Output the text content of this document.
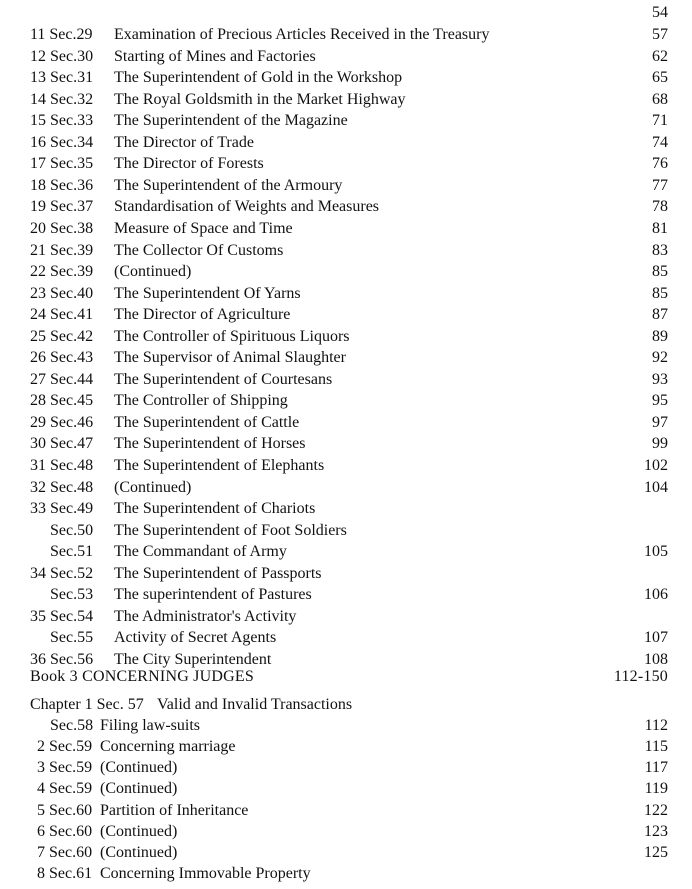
54
11 Sec.29 Examination of Precious Articles Received in the Treasury	57
12 Sec.30 Starting of Mines and Factories	62
13 Sec.31 The Superintendent of Gold in the Workshop	65
14 Sec.32 The Royal Goldsmith in the Market Highway	68
15 Sec.33 The Superintendent of the Magazine	71
16 Sec.34 The Director of Trade	74
17 Sec.35 The Director of Forests	76
18 Sec.36 The Superintendent of the Armoury	77
19 Sec.37 Standardisation of Weights and Measures	78
20 Sec.38 Measure of Space and Time	81
21 Sec.39 The Collector Of Customs	83
22 Sec.39 (Continued)	85
23 Sec.40 The Superintendent Of Yarns	85
24 Sec.41 The Director of Agriculture	87
25 Sec.42 The Controller of Spirituous Liquors	89
26 Sec.43 The Supervisor of Animal Slaughter	92
27 Sec.44 The Superintendent of Courtesans	93
28 Sec.45 The Controller of Shipping	95
29 Sec.46 The Superintendent of Cattle	97
30 Sec.47 The Superintendent of Horses	99
31 Sec.48 The Superintendent of Elephants	102
32 Sec.48 (Continued)	104
33 Sec.49 The Superintendent of Chariots
Sec.50 The Superintendent of Foot Soldiers
Sec.51 The Commandant of Army	105
34 Sec.52 The Superintendent of Passports
Sec.53 The superintendent of Pastures	106
35 Sec.54 The Administrator's Activity
Sec.55 Activity of Secret Agents	107
36 Sec.56 The City Superintendent	108
Book 3 CONCERNING JUDGES	112-150
Chapter 1 Sec. 57 Valid and Invalid Transactions
Sec.58 Filing law-suits	112
2 Sec.59 Concerning marriage	115
3 Sec.59 (Continued)	117
4 Sec.59 (Continued)	119
5 Sec.60 Partition of Inheritance	122
6 Sec.60 (Continued)	123
7 Sec.60 (Continued)	125
8 Sec.61 Concerning Immovable Property
